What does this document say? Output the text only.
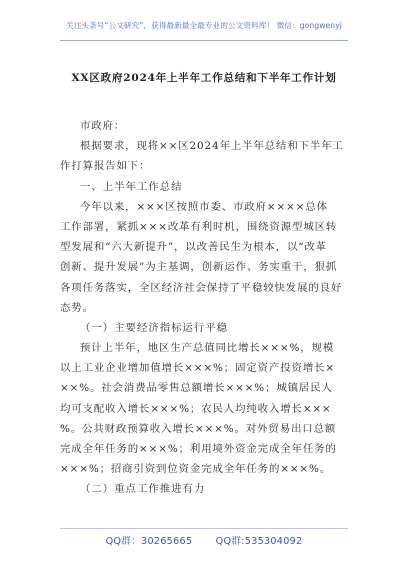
关注头条号“公文研究”，获得最新最全最专业的公文资料库！ 微信：gongwenyj
XX区政府2024年上半年工作总结和下半年工作计划
市政府：
根据要求，现将××区2024年上半年总结和下半年工
作打算报告如下：
一、上半年工作总结
今年以来，×××区按照市委、市政府××××总体
工作部署，紧抓×××改革有利时机，围绕资源型城区转
型发展和“六大新提升”，以改善民生为根本，以“改革
创新、提升发展”为主基调，创新运作、务实重干，狠抓
各项任务落实，全区经济社会保持了平稳较快发展的良好
态势。
（一）主要经济指标运行平稳
预计上半年，地区生产总值同比增长×××%，规模
以上工业企业增加值增长×××%；固定资产投资增长×
××%。社会消费品零售总额增长×××%；城镇居民人
均可支配收入增长×××%；农民人均纯收入增长×××
%。公共财政预算收入增长×××%。对外贸易出口总额
完成全年任务的×××%；利用境外资金完成全年任务的
×××%；招商引资到位资金完成全年任务的×××%。
（二）重点工作推进有力
QQ群：30265665 QQ群:535304092
